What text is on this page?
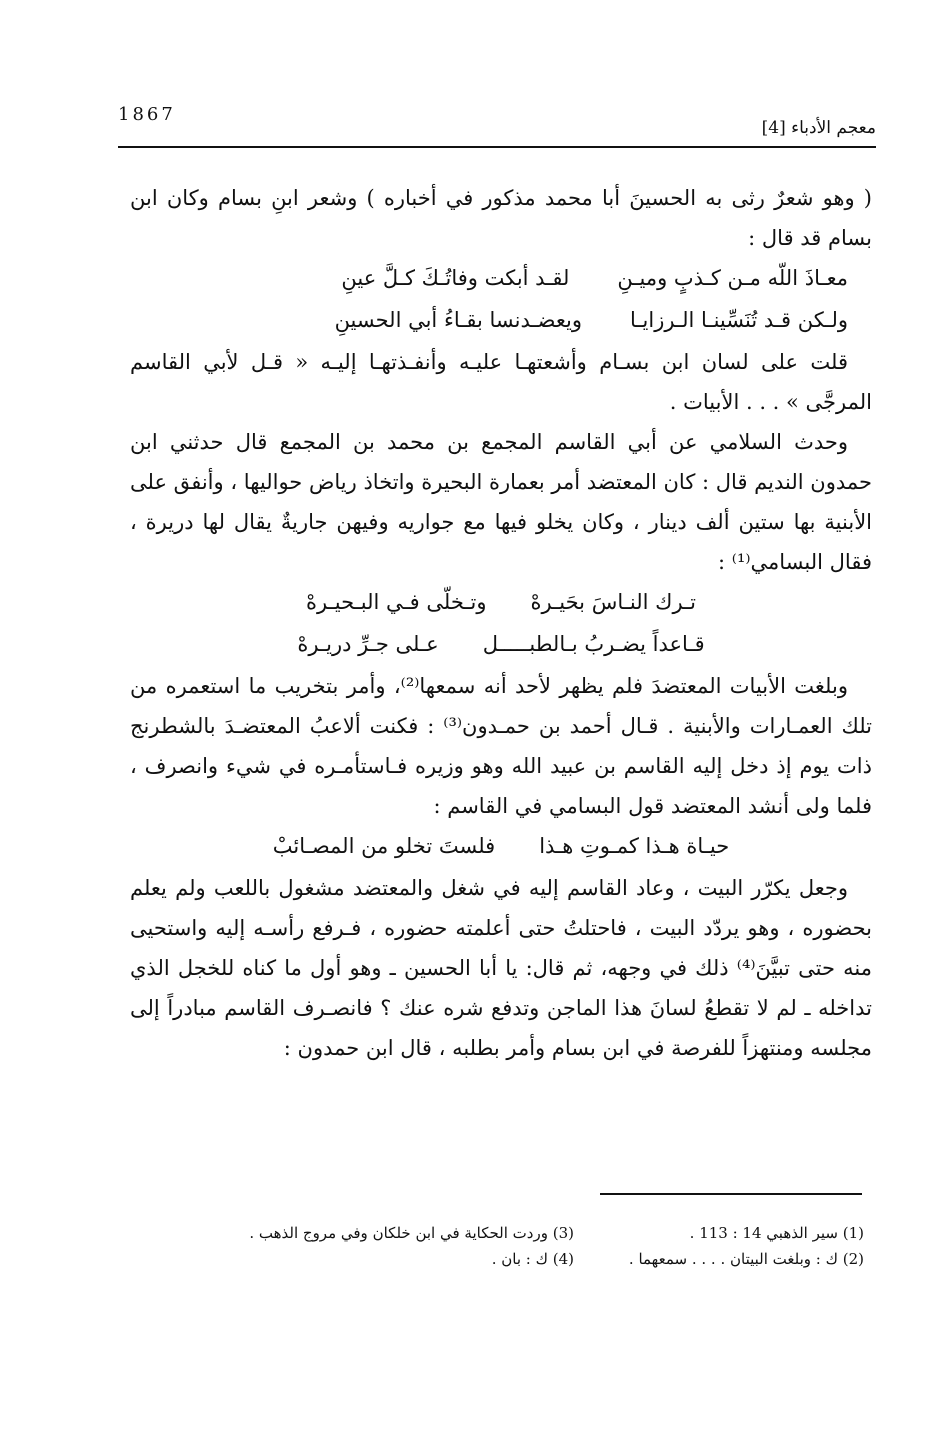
1867
معجم الأدباء [4]

( وهو شعرٌ رثى به الحسينَ أبا محمد مذكور في أخباره ) وشعر ابنِ بسام وكان ابن بسام قد قال :

معـاذَ اللّه مـن كـذبٍ وميـنِ
لقـد أبكت وفاتُـكَ كـلَّ عينِ
ولـكن قـد تُنَسِّينـا الـرزايـا
ويعضـدنسا بقـاءُ أبي الحسينِ

قلت على لسان ابن بسـام وأشعتهـا عليـه وأنفـذتهـا إليـه « قـل لأبي القاسم المرجَّى » . . . الأبيات .

وحدث السلامي عن أبي القاسم المجمع بن محمد بن المجمع قال حدثني ابن حمدون النديم قال : كان المعتضد أمر بعمارة البحيرة واتخاذ رياض حواليها ، وأنفق على الأبنية بها ستين ألف دينار ، وكان يخلو فيها مع جواريه وفيهن جاريةٌ يقال لها دريرة ، فقال البسامي⁽¹⁾ :

تـرك النـاسَ بحَيـرهْ
وتـخلّى فـي البـحيـرهْ
قـاعداً يضـربُ بـالطبـــــل
عـلى جـرِّ دريـرهْ

وبلغت الأبيات المعتضدَ فلم يظهر لأحد أنه سمعها⁽²⁾، وأمر بتخريب ما استعمره من تلك العمـارات والأبنية . قـال أحمد بن حمـدون⁽³⁾ : فكنت ألاعبُ المعتضـدَ بالشطرنج ذات يوم إذ دخل إليه القاسم بن عبيد الله وهو وزيره فـاستأمـره في شيء وانصرف ، فلما ولى أنشد المعتضد قول البسامي في القاسم :

حيـاة هـذا كمـوتِ هـذا
فلستَ تخلو من المصـائبْ

وجعل يكرّر البيت ، وعاد القاسم إليه في شغل والمعتضد مشغول باللعب ولم يعلم بحضوره ، وهو يردّد البيت ، فاحتلتُ حتى أعلمته حضوره ، فـرفع رأسـه إليه واستحيى منه حتى تبيَّنَ⁽⁴⁾ ذلك في وجهه، ثم قال: يا أبا الحسين ـ وهو أول ما كناه للخجل الذي تداخله ـ لم لا تقطعُ لسانَ هذا الماجن وتدفع شره عنك ؟ فانصـرف القاسم مبادراً إلى مجلسه ومنتهزاً للفرصة في ابن بسام وأمر بطلبه ، قال ابن حمدون :

(1) سير الذهبي 14 : 113 .
(3) وردت الحكاية في ابن خلكان وفي مروج الذهب .
(2) ك : وبلغت البيتان . . . . سمعهما .
(4) ك : بان .
